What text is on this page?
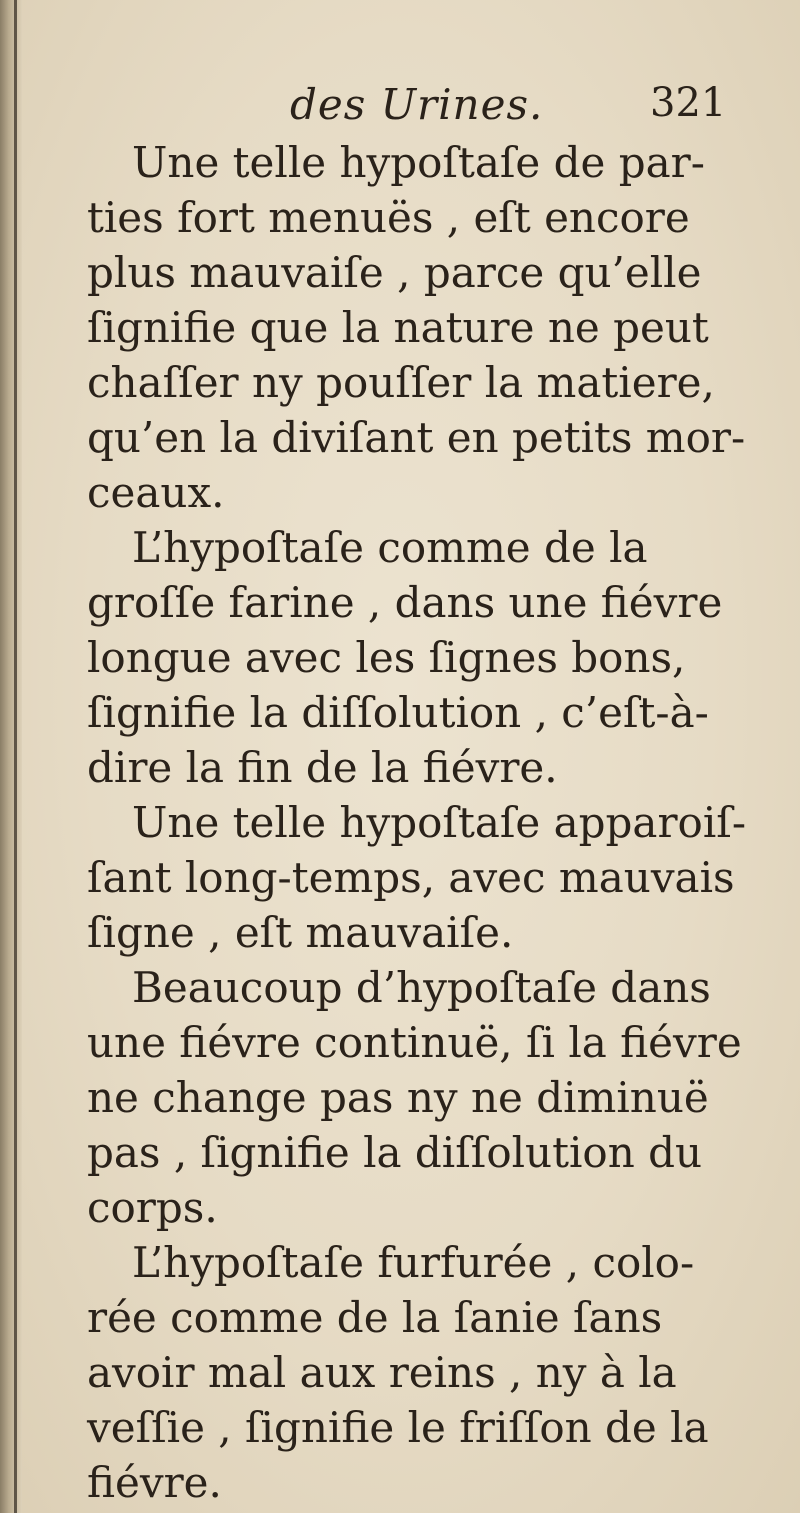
des Urines.	321

Une telle hypoſtaſe de par-
ties fort menuës , eſt encore
plus mauvaiſe , parce qu’elle
ſignifie que la nature ne peut
chaſſer ny pouſſer la matiere,
qu’en la diviſant en petits mor-
ceaux.

L’hypoſtaſe comme de la
groſſe farine , dans une fiévre
longue avec les ſignes bons,
ſignifie la diſſolution , c’eſt-à-
dire la fin de la fiévre.

Une telle hypoſtaſe apparoiſ-
ſant long-temps, avec mauvais
ſigne , eſt mauvaiſe.

Beaucoup d’hypoſtaſe dans
une fiévre continuë, ſi la fiévre
ne change pas ny ne diminuë
pas , ſignifie la diſſolution du
corps.

L’hypoſtaſe furfurée , colo-
rée comme de la ſanie ſans
avoir mal aux reins , ny à la
veſſie , ſignifie le friſſon de la
fiévre.
